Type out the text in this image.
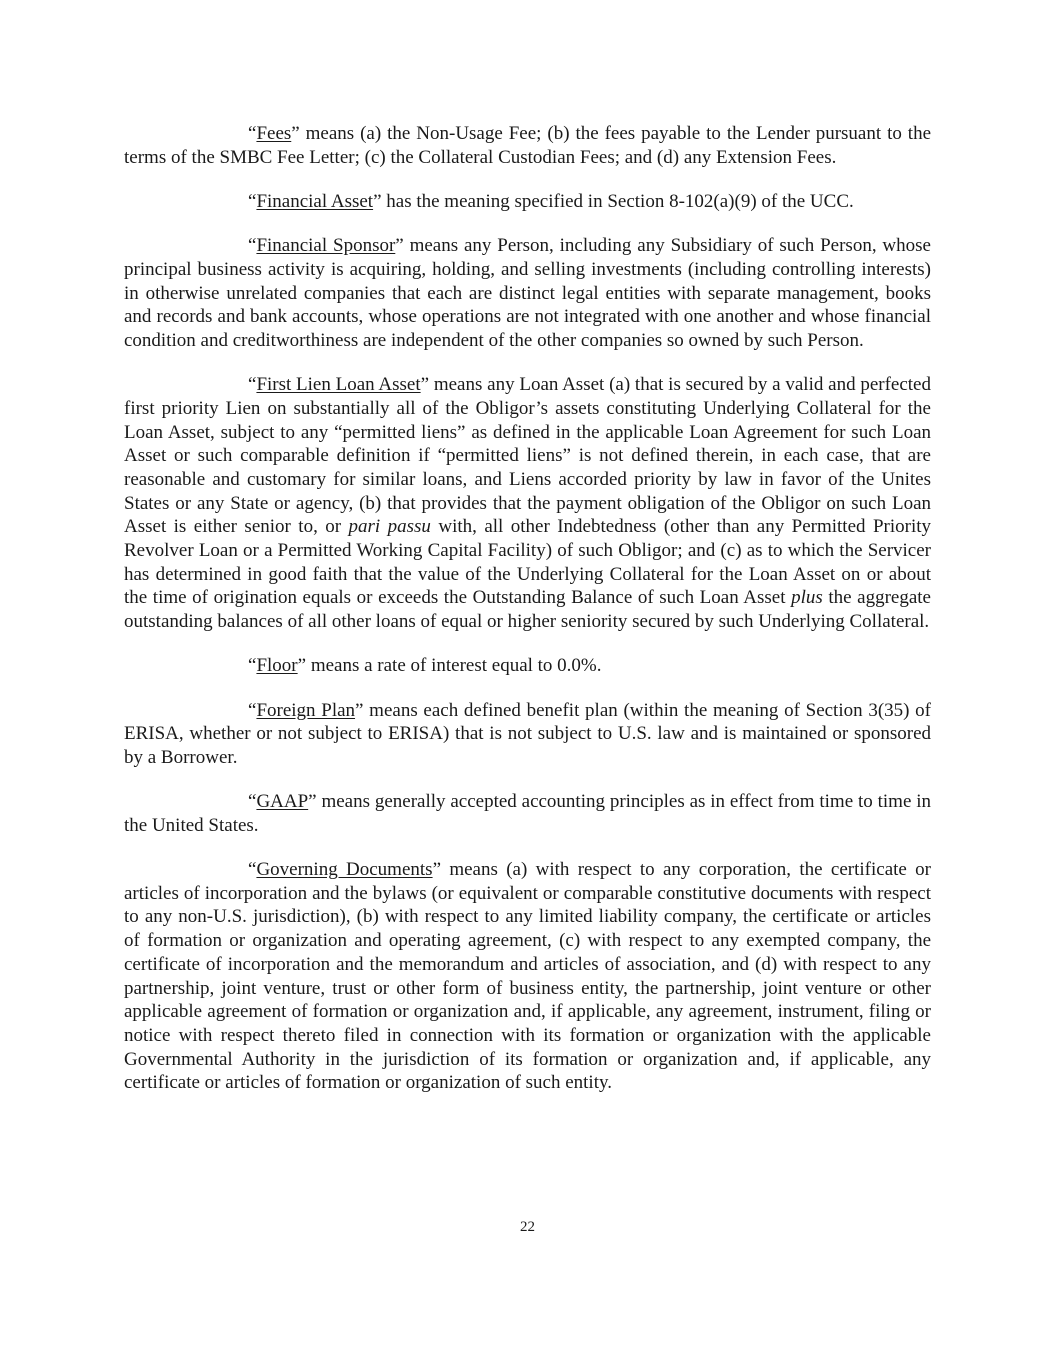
“Fees” means (a) the Non-Usage Fee; (b) the fees payable to the Lender pursuant to the terms of the SMBC Fee Letter; (c) the Collateral Custodian Fees; and (d) any Extension Fees.

“Financial Asset” has the meaning specified in Section 8-102(a)(9) of the UCC.

“Financial Sponsor” means any Person, including any Subsidiary of such Person, whose principal business activity is acquiring, holding, and selling investments (including controlling interests) in otherwise unrelated companies that each are distinct legal entities with separate management, books and records and bank accounts, whose operations are not integrated with one another and whose financial condition and creditworthiness are independent of the other companies so owned by such Person.

“First Lien Loan Asset” means any Loan Asset (a) that is secured by a valid and perfected first priority Lien on substantially all of the Obligor’s assets constituting Underlying Collateral for the Loan Asset, subject to any “permitted liens” as defined in the applicable Loan Agreement for such Loan Asset or such comparable definition if “permitted liens” is not defined therein, in each case, that are reasonable and customary for similar loans, and Liens accorded priority by law in favor of the Unites States or any State or agency, (b) that provides that the payment obligation of the Obligor on such Loan Asset is either senior to, or pari passu with, all other Indebtedness (other than any Permitted Priority Revolver Loan or a Permitted Working Capital Facility) of such Obligor; and (c) as to which the Servicer has determined in good faith that the value of the Underlying Collateral for the Loan Asset on or about the time of origination equals or exceeds the Outstanding Balance of such Loan Asset plus the aggregate outstanding balances of all other loans of equal or higher seniority secured by such Underlying Collateral.

“Floor” means a rate of interest equal to 0.0%.

“Foreign Plan” means each defined benefit plan (within the meaning of Section 3(35) of ERISA, whether or not subject to ERISA) that is not subject to U.S. law and is maintained or sponsored by a Borrower.

“GAAP” means generally accepted accounting principles as in effect from time to time in the United States.

“Governing Documents” means (a) with respect to any corporation, the certificate or articles of incorporation and the bylaws (or equivalent or comparable constitutive documents with respect to any non-U.S. jurisdiction), (b) with respect to any limited liability company, the certificate or articles of formation or organization and operating agreement, (c) with respect to any exempted company, the certificate of incorporation and the memorandum and articles of association, and (d) with respect to any partnership, joint venture, trust or other form of business entity, the partnership, joint venture or other applicable agreement of formation or organization and, if applicable, any agreement, instrument, filing or notice with respect thereto filed in connection with its formation or organization with the applicable Governmental Authority in the jurisdiction of its formation or organization and, if applicable, any certificate or articles of formation or organization of such entity.

22
